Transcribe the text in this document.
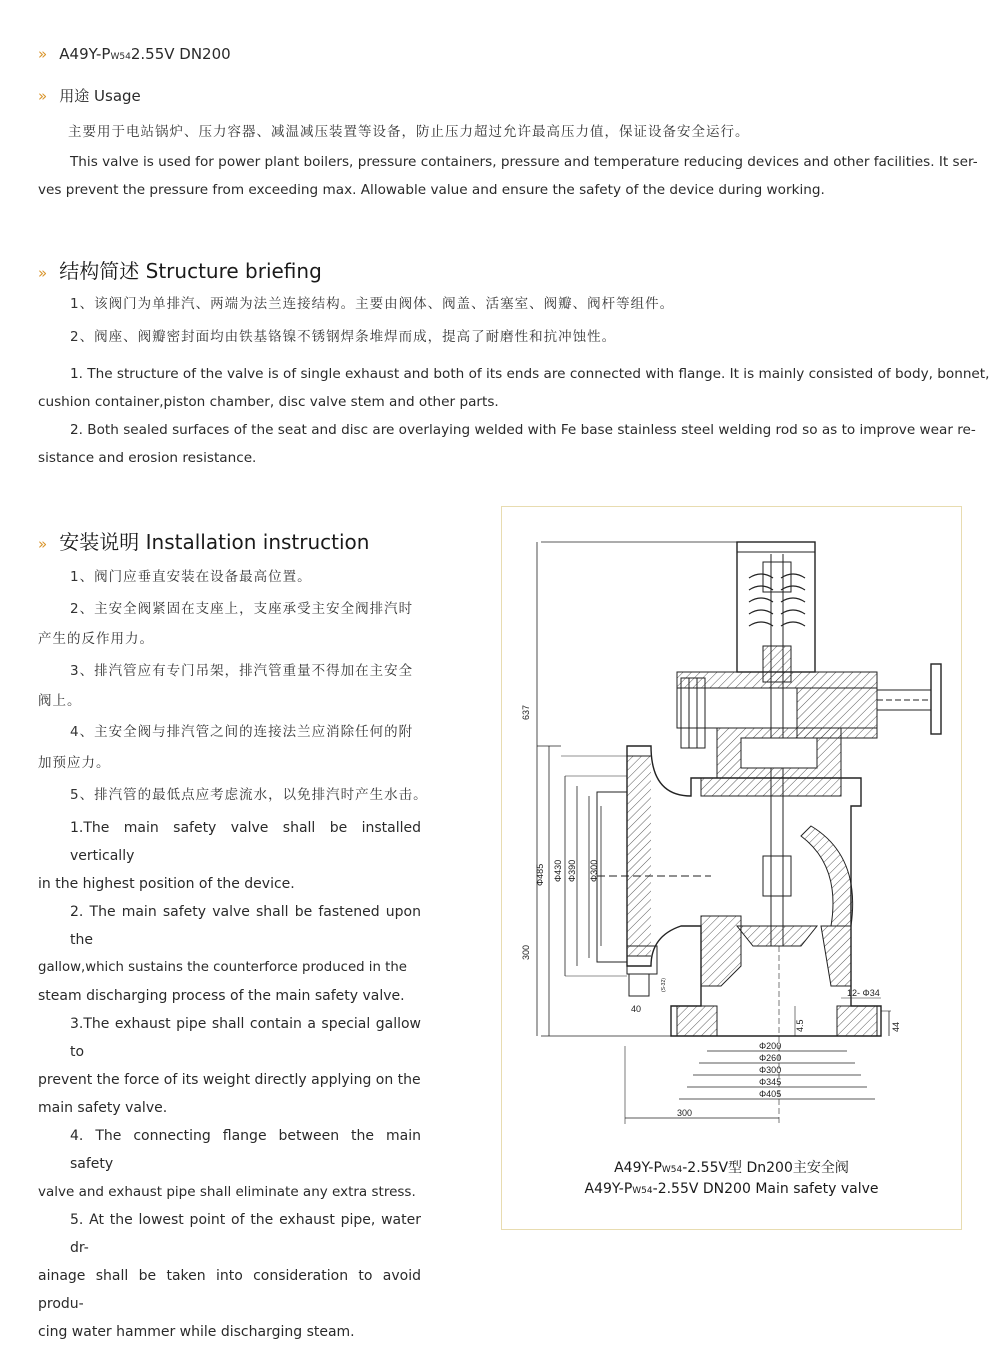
» A49Y-PW542.55V DN200
» 用途 Usage
主要用于电站锅炉、压力容器、减温减压装置等设备，防止压力超过允许最高压力值，保证设备安全运行。
This valve is used for power plant boilers, pressure containers, pressure and temperature reducing devices and other facilities. It ser-
ves prevent the pressure from exceeding max. Allowable value and ensure the safety of the device during working.
» 结构简述 Structure briefing
1、该阀门为单排汽、两端为法兰连接结构。主要由阀体、阀盖、活塞室、阀瓣、阀杆等组件。
2、阀座、阀瓣密封面均由铁基铬镍不锈钢焊条堆焊而成，提高了耐磨性和抗冲蚀性。
1. The structure of the valve is of single exhaust and both of its ends are connected with flange. It is mainly consisted of body, bonnet,
cushion container,piston chamber, disc valve stem and other parts.
2. Both sealed surfaces of the seat and disc are overlaying welded with Fe base stainless steel welding rod so as to improve wear re-
sistance and erosion resistance.
» 安装说明 Installation instruction
1、阀门应垂直安装在设备最高位置。
2、主安全阀紧固在支座上，支座承受主安全阀排汽时
产生的反作用力。
3、排汽管应有专门吊架，排汽管重量不得加在主安全
阀上。
4、主安全阀与排汽管之间的连接法兰应消除任何的附
加预应力。
5、排汽管的最低点应考虑流水，以免排汽时产生水击。
1.The main safety valve shall be installed vertically
in the highest position of the device.
2. The main safety valve shall be fastened upon the
gallow,which sustains the counterforce produced in the
steam discharging process of the main safety valve.
3.The exhaust pipe shall contain a special gallow to
prevent the force of its weight directly applying on the
main safety valve.
4. The connecting flange between the main safety
valve and exhaust pipe shall eliminate any extra stress.
5. At the lowest point of the exhaust pipe, water dr-
ainage shall be taken into consideration to avoid produ-
cing water hammer while discharging steam.
637
300
Φ485 Φ430 Φ390 Φ300
40
(S-32)
12- Φ34
44
4.5
Φ200
Φ260
Φ300
Φ345
Φ405
300
A49Y-PW54-2.55V型 Dn200主安全阀
A49Y-PW54-2.55V DN200 Main safety valve
